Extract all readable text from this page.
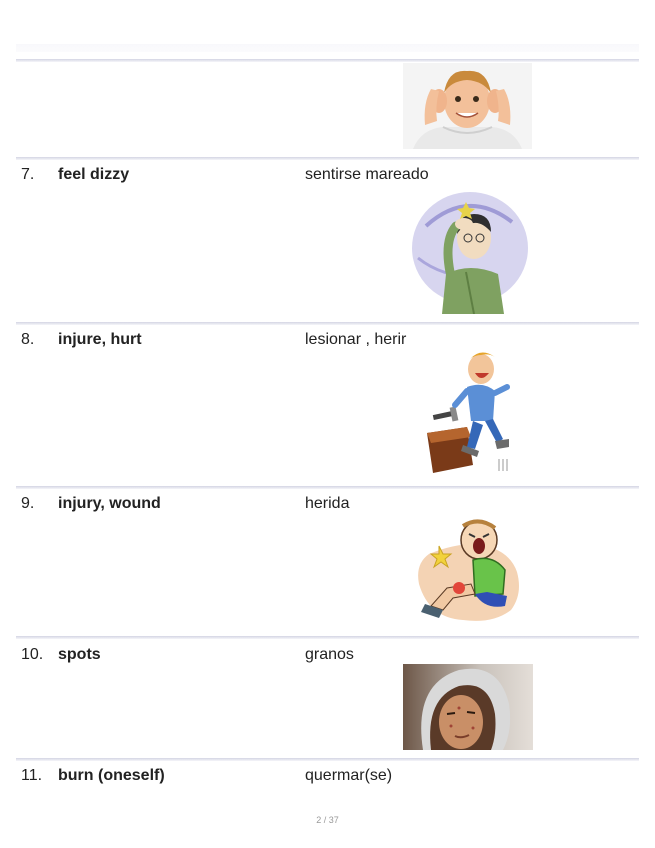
7. feel dizzy	sentirse mareado
8. injure, hurt	lesionar , herir
9. injury, wound	herida
10. spots	granos
11. burn (oneself)	quermar(se)
2 / 37
